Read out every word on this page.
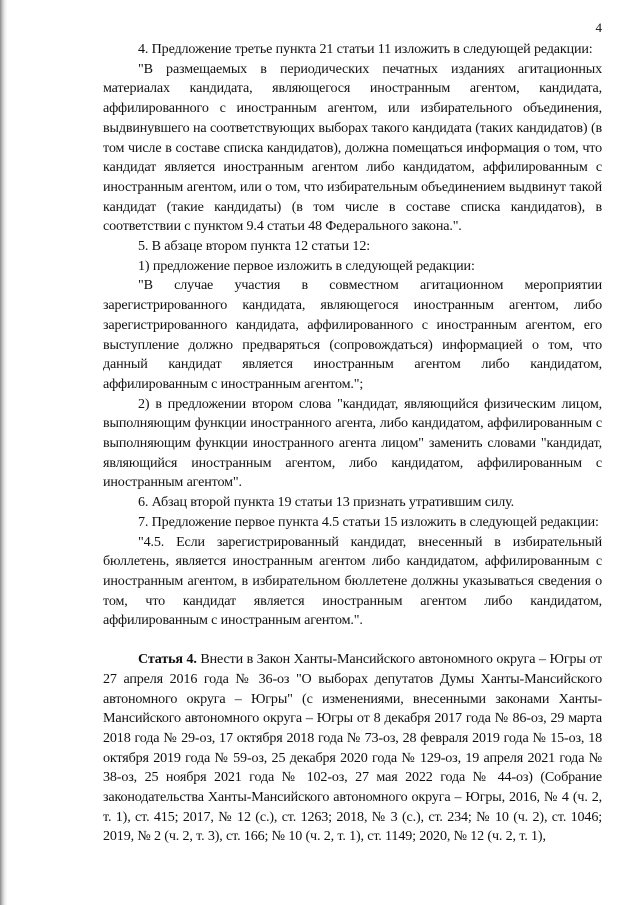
4

4. Предложение третье пункта 21 статьи 11 изложить в следующей редакции:

"В размещаемых в периодических печатных изданиях агитационных материалах кандидата, являющегося иностранным агентом, кандидата, аффилированного с иностранным агентом, или избирательного объединения, выдвинувшего на соответствующих выборах такого кандидата (таких кандидатов) (в том числе в составе списка кандидатов), должна помещаться информация о том, что кандидат является иностранным агентом либо кандидатом, аффилированным с иностранным агентом, или о том, что избирательным объединением выдвинут такой кандидат (такие кандидаты) (в том числе в составе списка кандидатов), в соответствии с пунктом 9.4 статьи 48 Федерального закона.".

5. В абзаце втором пункта 12 статьи 12:

1) предложение первое изложить в следующей редакции:

"В случае участия в совместном агитационном мероприятии зарегистрированного кандидата, являющегося иностранным агентом, либо зарегистрированного кандидата, аффилированного с иностранным агентом, его выступление должно предваряться (сопровождаться) информацией о том, что данный кандидат является иностранным агентом либо кандидатом, аффилированным с иностранным агентом.";

2) в предложении втором слова "кандидат, являющийся физическим лицом, выполняющим функции иностранного агента, либо кандидатом, аффилированным с выполняющим функции иностранного агента лицом" заменить словами "кандидат, являющийся иностранным агентом, либо кандидатом, аффилированным с иностранным агентом".

6. Абзац второй пункта 19 статьи 13 признать утратившим силу.

7. Предложение первое пункта 4.5 статьи 15 изложить в следующей редакции:

"4.5. Если зарегистрированный кандидат, внесенный в избирательный бюллетень, является иностранным агентом либо кандидатом, аффилированным с иностранным агентом, в избирательном бюллетене должны указываться сведения о том, что кандидат является иностранным агентом либо кандидатом, аффилированным с иностранным агентом.".

Статья 4. Внести в Закон Ханты-Мансийского автономного округа – Югры от 27 апреля 2016 года № 36-оз "О выборах депутатов Думы Ханты-Мансийского автономного округа – Югры" (с изменениями, внесенными законами Ханты-Мансийского автономного округа – Югры от 8 декабря 2017 года № 86-оз, 29 марта 2018 года № 29-оз, 17 октября 2018 года № 73-оз, 28 февраля 2019 года № 15-оз, 18 октября 2019 года № 59-оз, 25 декабря 2020 года № 129-оз, 19 апреля 2021 года № 38-оз, 25 ноября 2021 года № 102-оз, 27 мая 2022 года № 44-оз) (Собрание законодательства Ханты-Мансийского автономного округа – Югры, 2016, № 4 (ч. 2, т. 1), ст. 415; 2017, № 12 (с.), ст. 1263; 2018, № 3 (с.), ст. 234; № 10 (ч. 2), ст. 1046; 2019, № 2 (ч. 2, т. 3), ст. 166; № 10 (ч. 2, т. 1), ст. 1149; 2020, № 12 (ч. 2, т. 1),
